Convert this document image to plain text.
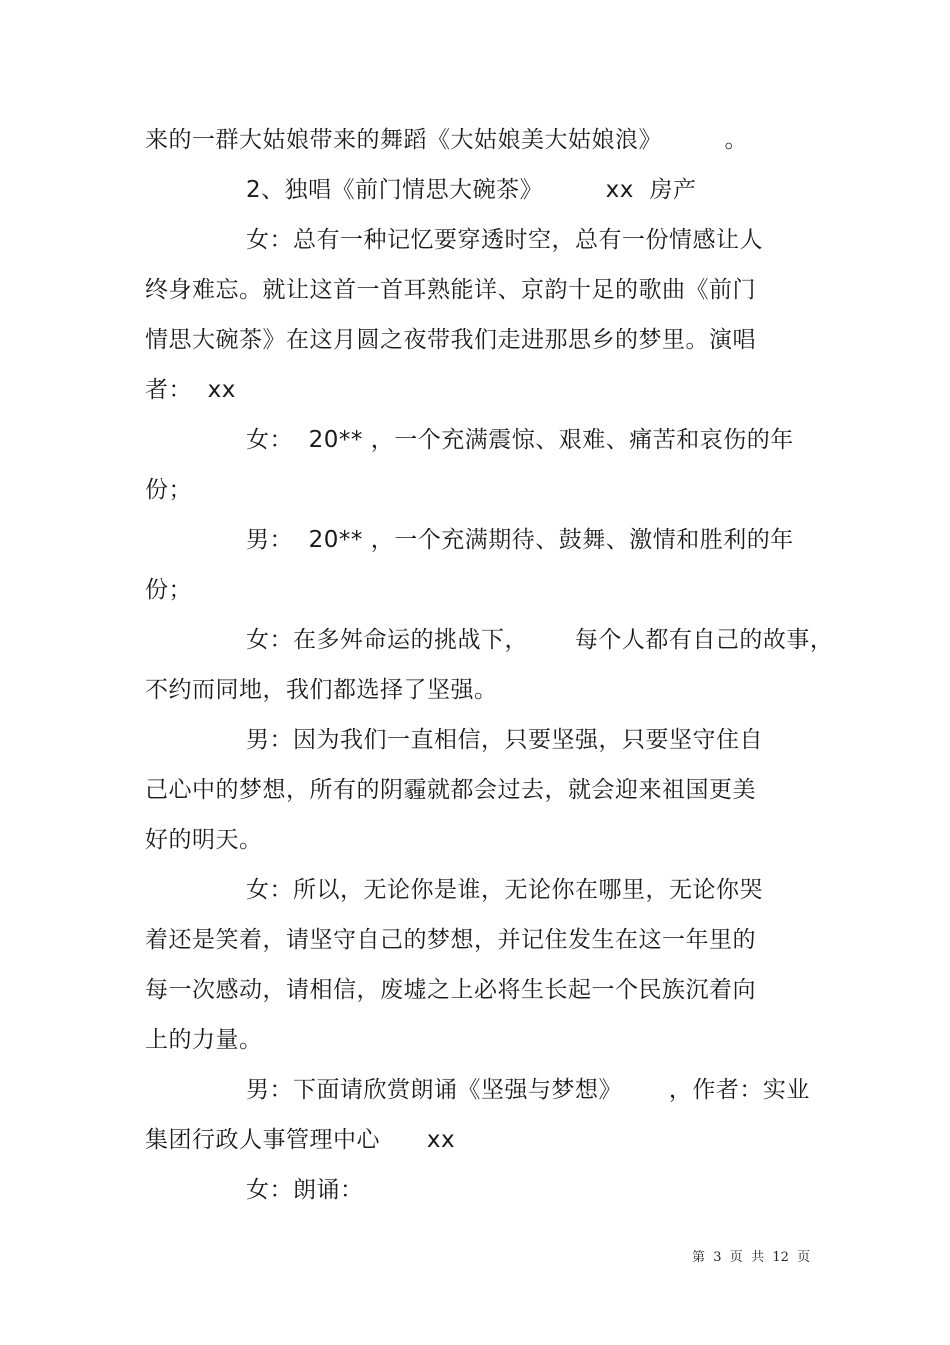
来的一群大姑娘带来的舞蹈《大姑娘美大姑娘浪》        。
2、独唱《前门情思大碗茶》        xx  房产
女：总有一种记忆要穿透时空，总有一份情感让人
终身难忘。就让这首一首耳熟能详、京韵十足的歌曲《前门
情思大碗茶》在这月圆之夜带我们走进那思乡的梦里。演唱
者：  xx
女：  20** ，一个充满震惊、艰难、痛苦和哀伤的年
份；
男：  20** ，一个充满期待、鼓舞、激情和胜利的年
份；
女：在多舛命运的挑战下，      每个人都有自己的故事，
不约而同地，我们都选择了坚强。
男：因为我们一直相信，只要坚强，只要坚守住自
己心中的梦想，所有的阴霾就都会过去，就会迎来祖国更美
好的明天。
女：所以，无论你是谁，无论你在哪里，无论你哭
着还是笑着，请坚守自己的梦想，并记住发生在这一年里的
每一次感动，请相信，废墟之上必将生长起一个民族沉着向
上的力量。
男：下面请欣赏朗诵《坚强与梦想》      ，作者：实业
集团行政人事管理中心      xx
女：朗诵：
第  3  页  共  12  页
